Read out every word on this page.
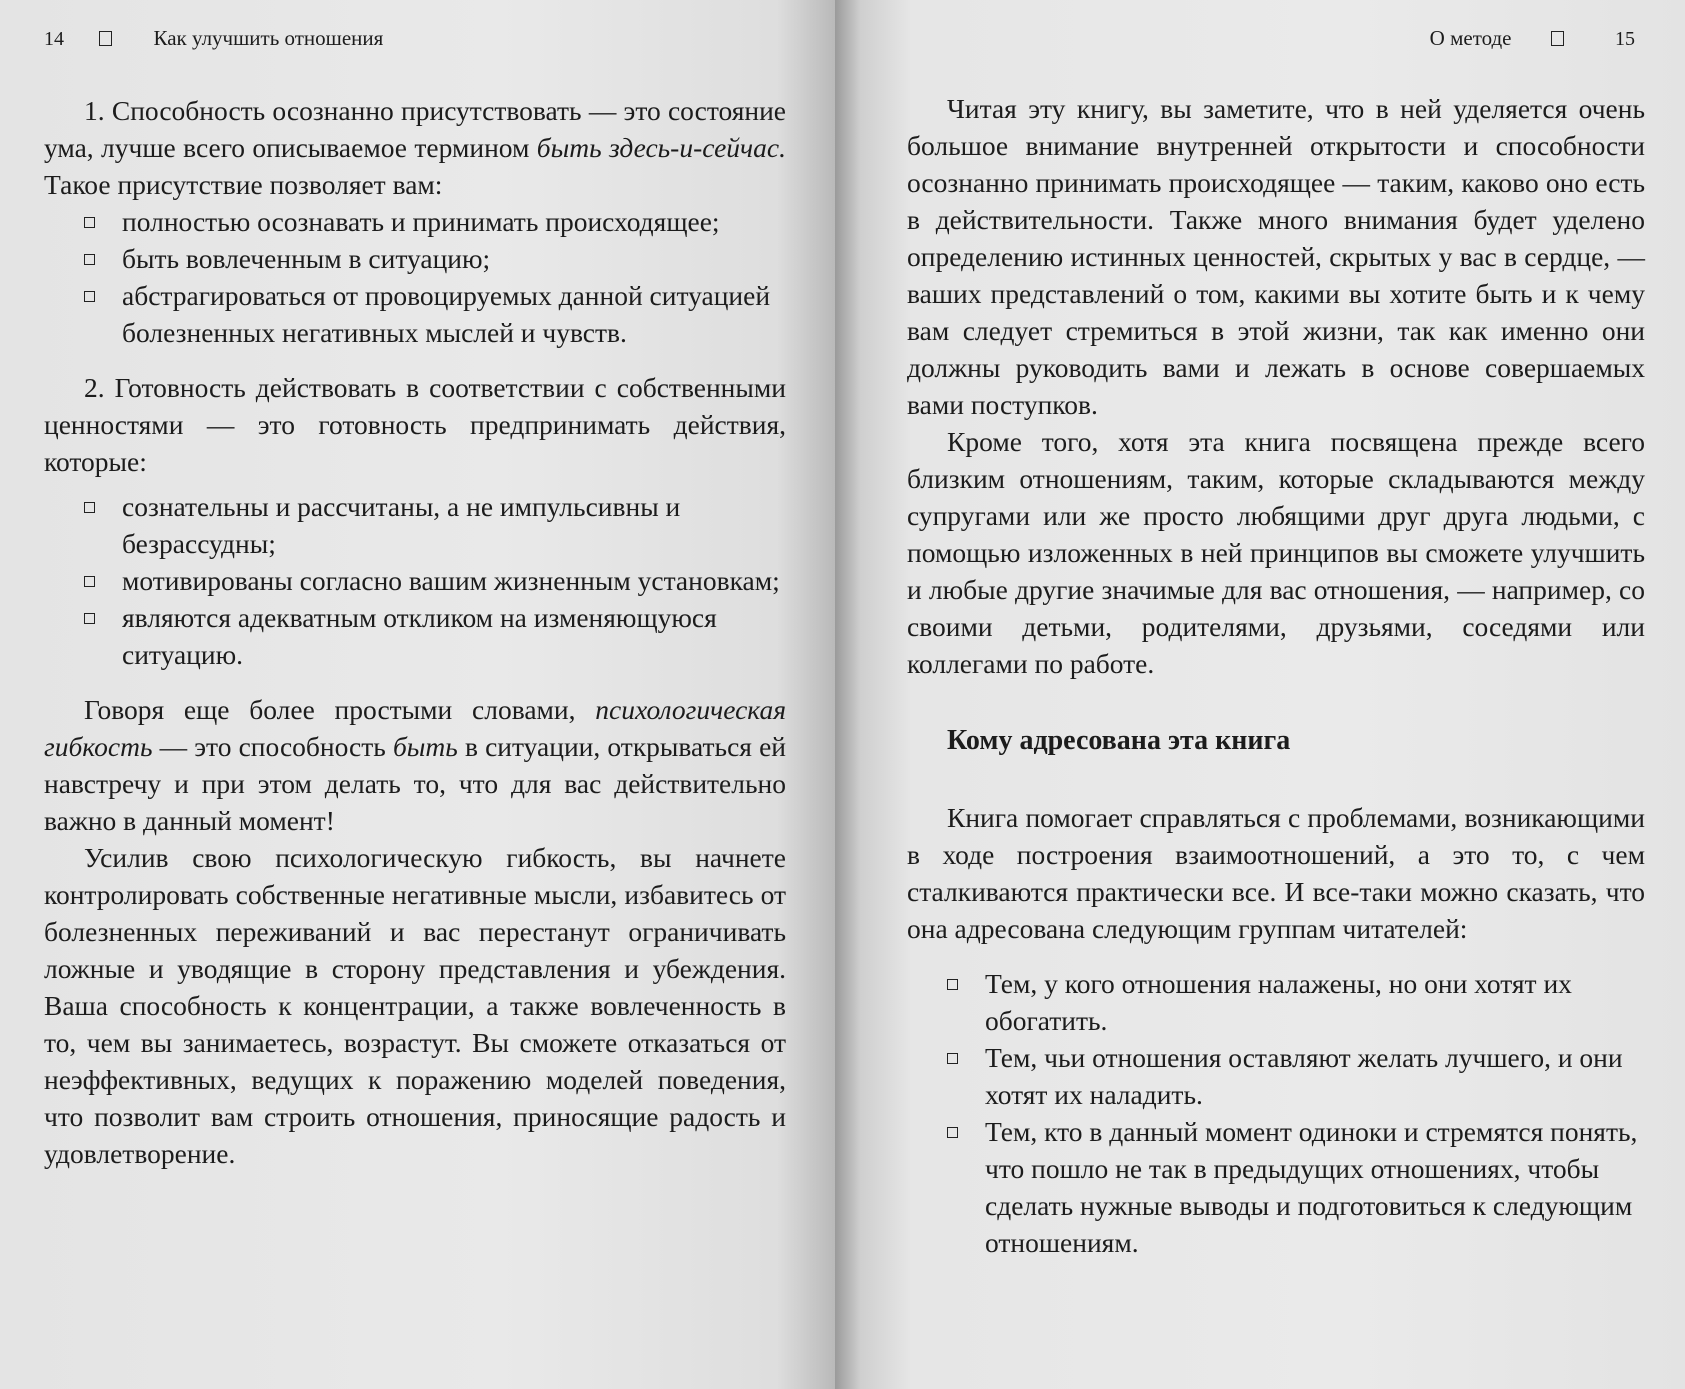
14	Как улучшить отношения

1. Способность осознанно присутствовать — это состояние ума, лучше всего описываемое термином быть здесь-и-сейчас. Такое присутствие позволяет вам:

полностью осознавать и принимать происходящее;
быть вовлеченным в ситуацию;
абстрагироваться от провоцируемых данной ситуацией болезненных негативных мыслей и чувств.

2. Готовность действовать в соответствии с собственными ценностями — это готовность предпринимать действия, которые:

сознательны и рассчитаны, а не импульсивны и безрассудны;
мотивированы согласно вашим жизненным установкам;
являются адекватным откликом на изменяющуюся ситуацию.

Говоря еще более простыми словами, психологическая гибкость — это способность быть в ситуации, открываться ей навстречу и при этом делать то, что для вас действительно важно в данный момент!

Усилив свою психологическую гибкость, вы начнете контролировать собственные негативные мысли, избавитесь от болезненных переживаний и вас перестанут ограничивать ложные и уводящие в сторону представления и убеждения. Ваша способность к концентрации, а также вовлеченность в то, чем вы занимаетесь, возрастут. Вы сможете отказаться от неэффективных, ведущих к поражению моделей поведения, что позволит вам строить отношения, приносящие радость и удовлетворение.

О методе	15

Читая эту книгу, вы заметите, что в ней уделяется очень большое внимание внутренней открытости и способности осознанно принимать происходящее — таким, каково оно есть в действительности. Также много внимания будет уделено определению истинных ценностей, скрытых у вас в сердце, — ваших представлений о том, какими вы хотите быть и к чему вам следует стремиться в этой жизни, так как именно они должны руководить вами и лежать в основе совершаемых вами поступков.

Кроме того, хотя эта книга посвящена прежде всего близким отношениям, таким, которые складываются между супругами или же просто любящими друг друга людьми, с помощью изложенных в ней принципов вы сможете улучшить и любые другие значимые для вас отношения, — например, со своими детьми, родителями, друзьями, соседями или коллегами по работе.

Кому адресована эта книга

Книга помогает справляться с проблемами, возникающими в ходе построения взаимоотношений, а это то, с чем сталкиваются практически все. И все-таки можно сказать, что она адресована следующим группам читателей:

Тем, у кого отношения налажены, но они хотят их обогатить.
Тем, чьи отношения оставляют желать лучшего, и они хотят их наладить.
Тем, кто в данный момент одиноки и стремятся понять, что пошло не так в предыдущих отношениях, чтобы сделать нужные выводы и подготовиться к следующим отношениям.
